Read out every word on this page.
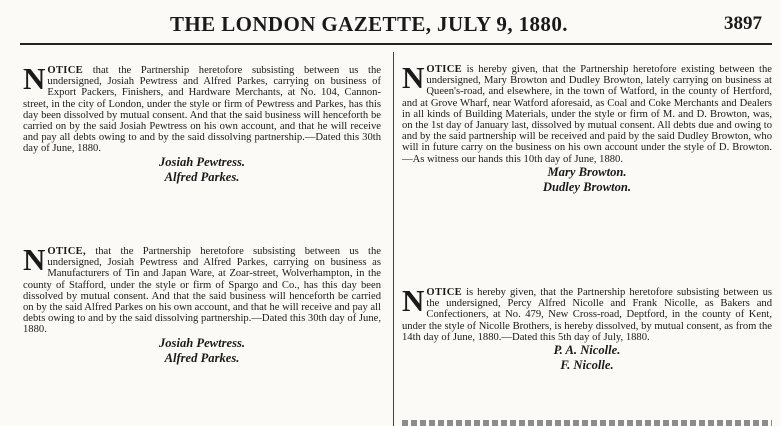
THE LONDON GAZETTE, JULY 9, 1880.	3897
NOTICE that the Partnership heretofore subsisting between us the undersigned, Josiah Pewtress and Alfred Parkes, carrying on business of Export Packers, Finishers, and Hardware Merchants, at No. 104, Cannon-street, in the city of London, under the style or firm of Pewtress and Parkes, has this day been dissolved by mutual consent. And that the said business will henceforth be carried on by the said Josiah Pewtress on his own account, and that he will receive and pay all debts owing to and by the said dissolving partnership.—Dated this 30th day of June, 1880.
Josiah Pewtress.
Alfred Parkes.
NOTICE, that the Partnership heretofore subsisting between us the undersigned, Josiah Pewtress and Alfred Parkes, carrying on business as Manufacturers of Tin and Japan Ware, at Zoar-street, Wolverhampton, in the county of Stafford, under the style or firm of Spargo and Co., has this day been dissolved by mutual consent. And that the said business will henceforth be carried on by the said Alfred Parkes on his own account, and that he will receive and pay all debts owing to and by the said dissolving partnership.—Dated this 30th day of June, 1880.
Josiah Pewtress.
Alfred Parkes.
NOTICE is hereby given, that the Partnership heretofore existing between the undersigned, Mary Browton and Dudley Browton, lately carrying on business at Queen's-road, and elsewhere, in the town of Watford, in the county of Hertford, and at Grove Wharf, near Watford aforesaid, as Coal and Coke Merchants and Dealers in all kinds of Building Materials, under the style or firm of M. and D. Browton, was, on the 1st day of January last, dissolved by mutual consent. All debts due and owing to and by the said partnership will be received and paid by the said Dudley Browton, who will in future carry on the business on his own account under the style of D. Browton.—As witness our hands this 10th day of June, 1880.
Mary Browton.
Dudley Browton.
NOTICE is hereby given, that the Partnership heretofore subsisting between us the undersigned, Percy Alfred Nicolle and Frank Nicolle, as Bakers and Confectioners, at No. 479, New Cross-road, Deptford, in the county of Kent, under the style of Nicolle Brothers, is hereby dissolved, by mutual consent, as from the 14th day of June, 1880.—Dated this 5th day of July, 1880.
P. A. Nicolle.
F. Nicolle.
